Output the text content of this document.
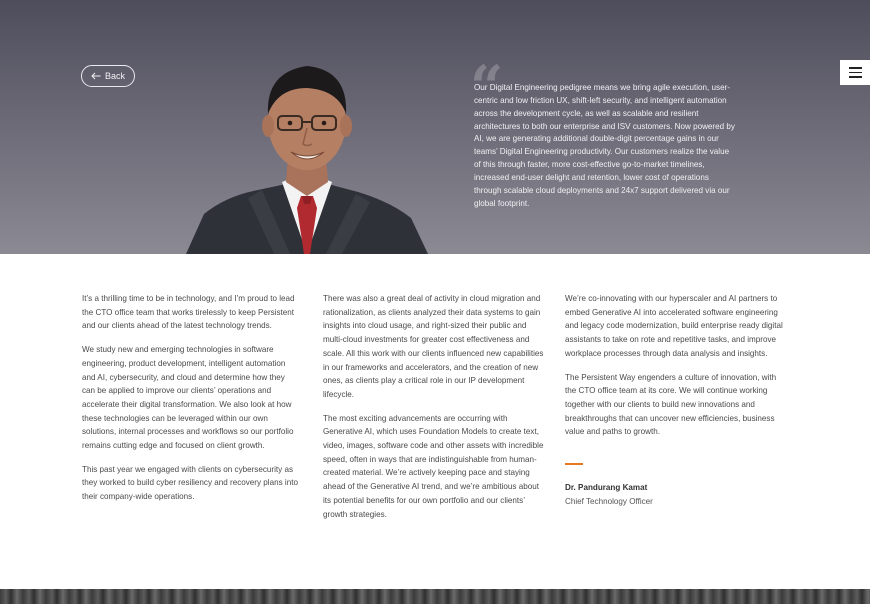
Back	“

Our Digital Engineering pedigree means we bring agile execution, user-centric and low friction UX, shift-left security, and intelligent automation across the development cycle, as well as scalable and resilient architectures to both our enterprise and ISV customers. Now powered by AI, we are generating additional double-digit percentage gains in our teams’ Digital Engineering productivity. Our customers realize the value of this through faster, more cost-effective go-to-market timelines, increased end-user delight and retention, lower cost of operations through scalable cloud deployments and 24x7 support delivered via our global footprint.

It’s a thrilling time to be in technology, and I’m proud to lead the CTO office team that works tirelessly to keep Persistent and our clients ahead of the latest technology trends.

We study new and emerging technologies in software engineering, product development, intelligent automation and AI, cybersecurity, and cloud and determine how they can be applied to improve our clients’ operations and accelerate their digital transformation. We also look at how these technologies can be leveraged within our own solutions, internal processes and workflows so our portfolio remains cutting edge and focused on client growth.

This past year we engaged with clients on cybersecurity as they worked to build cyber resiliency and recovery plans into their company-wide operations.

There was also a great deal of activity in cloud migration and rationalization, as clients analyzed their data systems to gain insights into cloud usage, and right-sized their public and multi-cloud investments for greater cost effectiveness and scale. All this work with our clients influenced new capabilities in our frameworks and accelerators, and the creation of new ones, as clients play a critical role in our IP development lifecycle.

The most exciting advancements are occurring with Generative AI, which uses Foundation Models to create text, video, images, software code and other assets with incredible speed, often in ways that are indistinguishable from human-created material. We’re actively keeping pace and staying ahead of the Generative AI trend, and we’re ambitious about its potential benefits for our own portfolio and our clients’ growth strategies.

We’re co-innovating with our hyperscaler and AI partners to embed Generative AI into accelerated software engineering and legacy code modernization, build enterprise ready digital assistants to take on rote and repetitive tasks, and improve workplace processes through data analysis and insights.

The Persistent Way engenders a culture of innovation, with the CTO office team at its core. We will continue working together with our clients to build new innovations and breakthroughs that can uncover new efficiencies, business value and paths to growth.

Dr. Pandurang Kamat
Chief Technology Officer
